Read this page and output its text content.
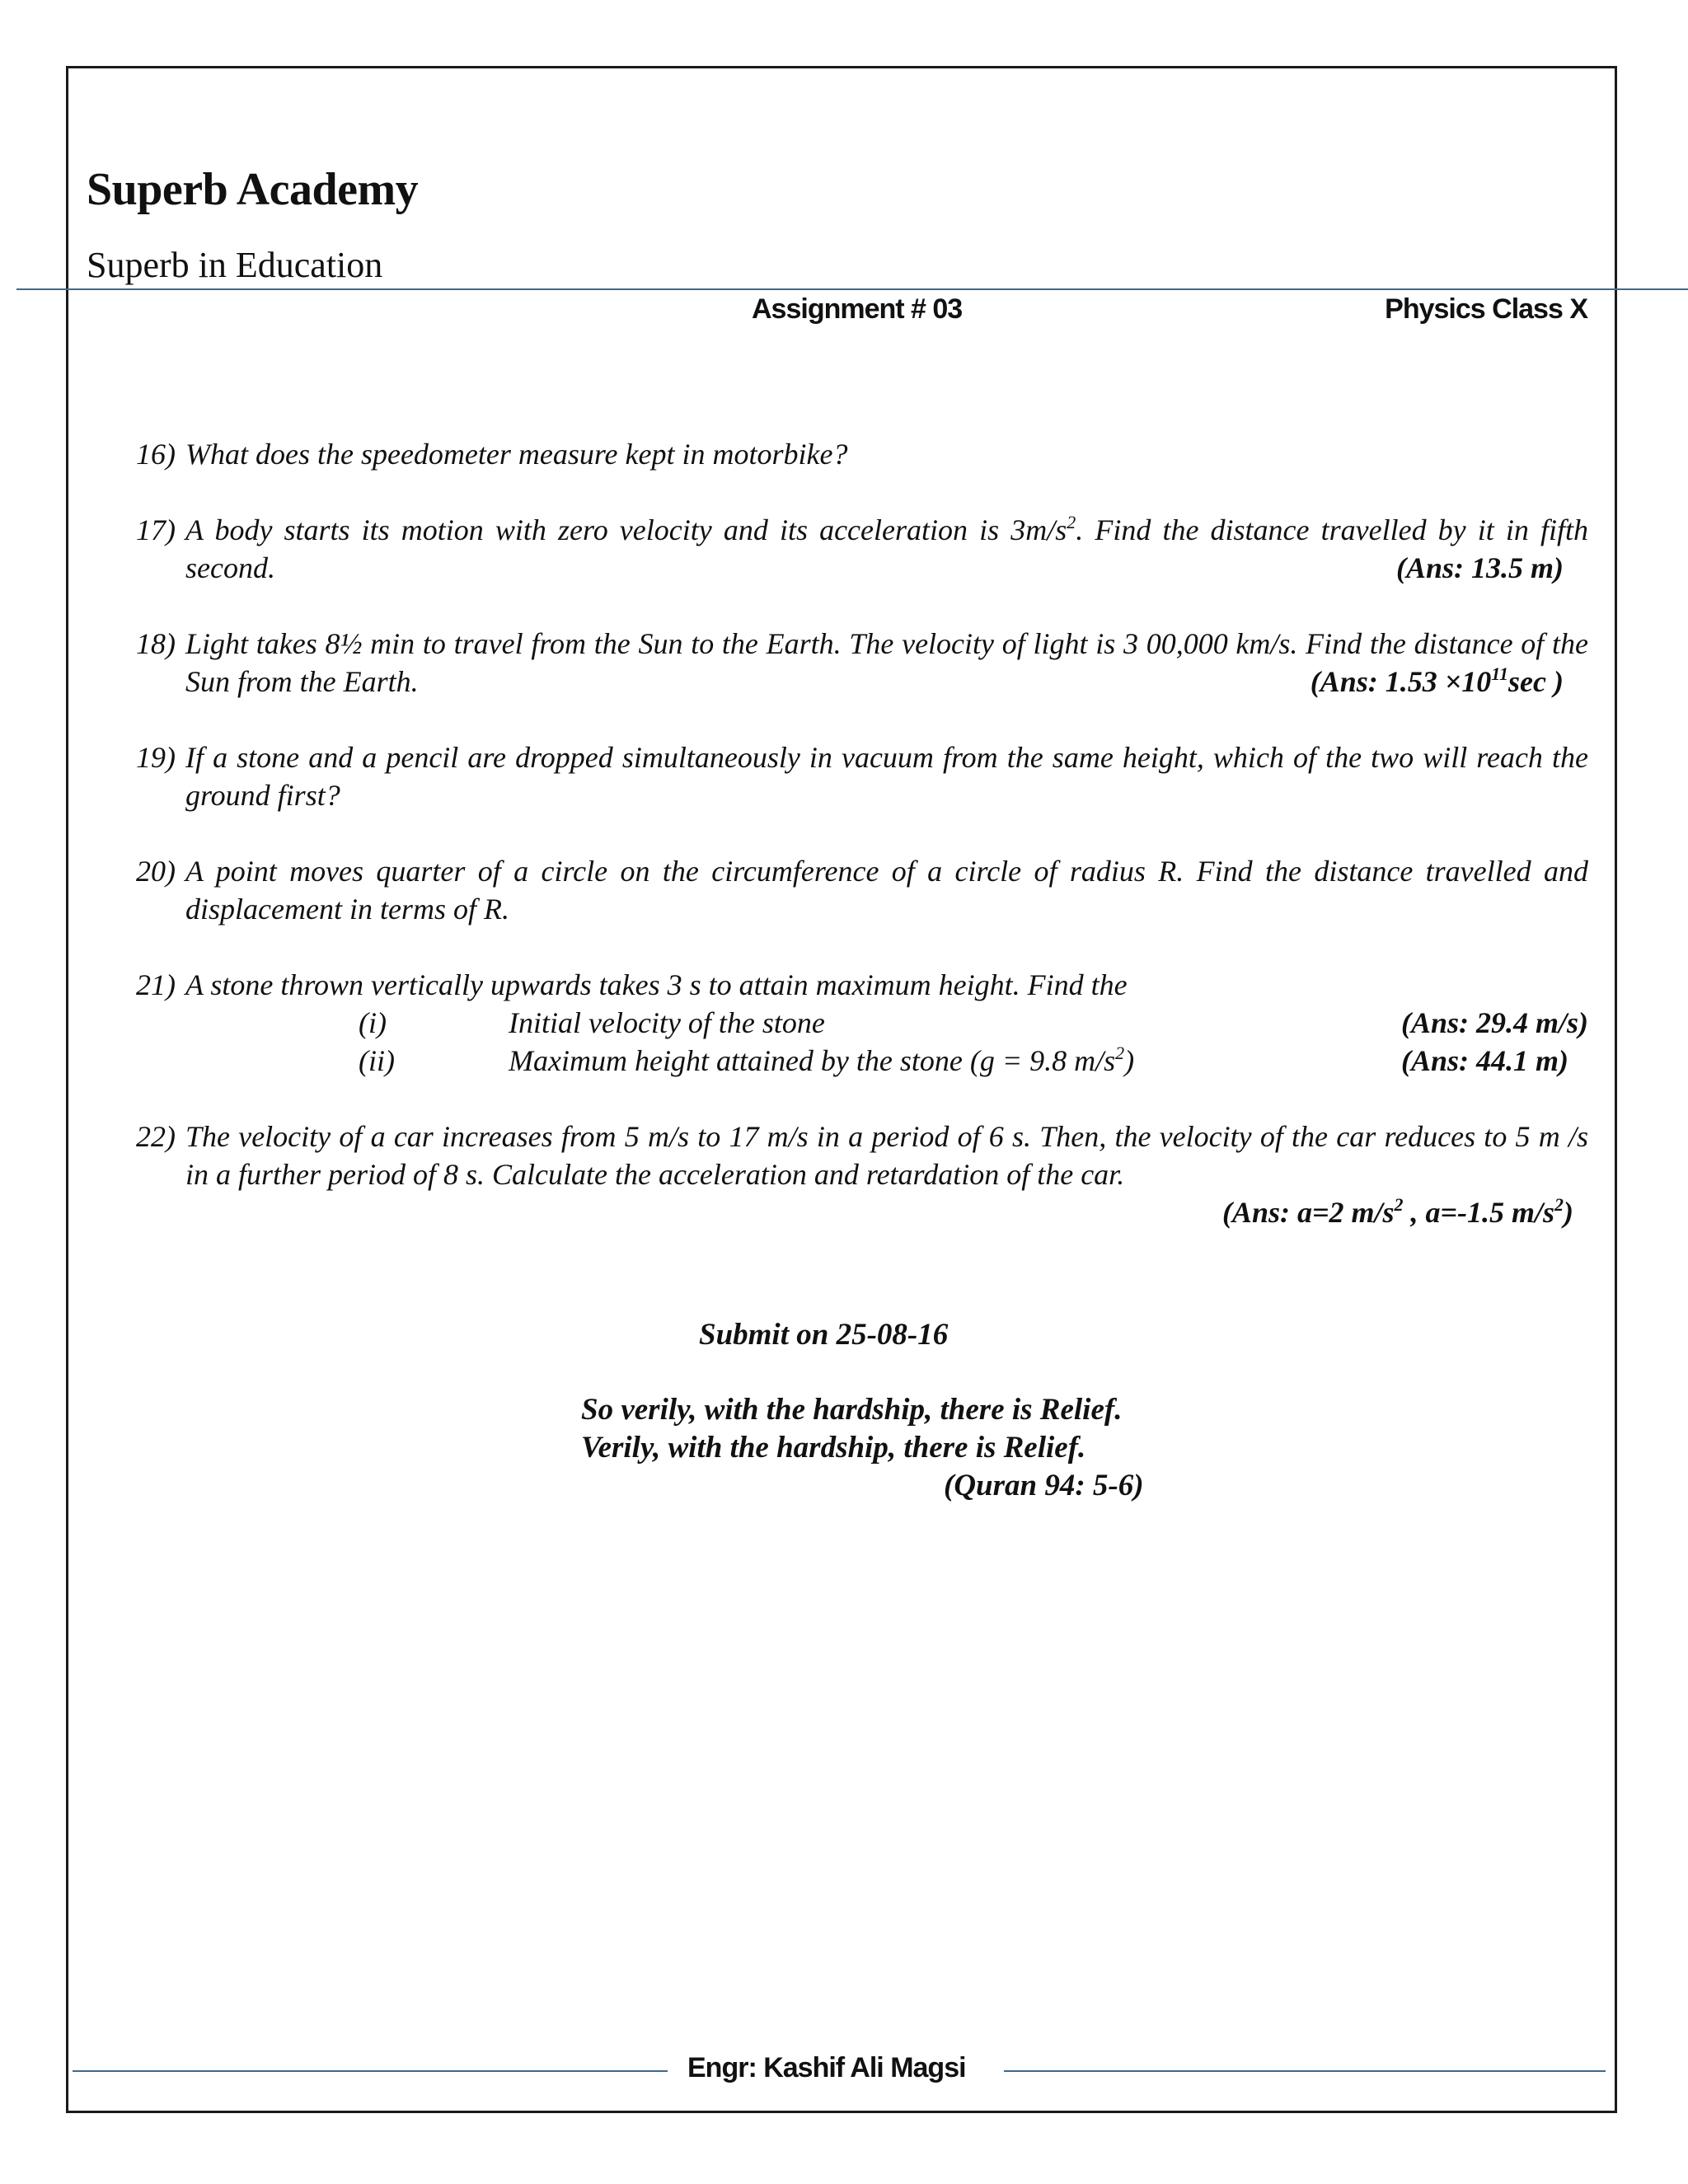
Superb Academy

Superb in Education

Assignment # 03	Physics Class X
16) What does the speedometer measure kept in motorbike?
17) A body starts its motion with zero velocity and its acceleration is $3m/s^2$. Find the distance travelled by it in fifth second.	(Ans: 13.5 m)
18) Light takes 8½ min to travel from the Sun to the Earth. The velocity of light is 3 00,000 km/s. Find the distance of the Sun from the Earth.	(Ans: $1.53 \times 10^{11}\sec$ )
19) If a stone and a pencil are dropped simultaneously in vacuum from the same height, which of the two will reach the ground first?
20) A point moves quarter of a circle on the circumference of a circle of radius R. Find the distance travelled and displacement in terms of R.
21) A stone thrown vertically upwards takes 3 s to attain maximum height. Find the
(i)	Initial velocity of the stone	(Ans: 29.4 m/s)
(ii)	Maximum height attained by the stone (g = 9.8 $m/s^2$)	(Ans: 44.1 m)
22) The velocity of a car increases from 5 m/s to 17 m/s in a period of 6 s. Then, the velocity of the car reduces to 5 m /s in a further period of 8 s. Calculate the acceleration and retardation of the car.
(Ans: a=2 $m/s^2$ , a=-1.5 $m/s^2$)
Submit on 25-08-16
So verily, with the hardship, there is Relief.
Verily, with the hardship, there is Relief.
(Quran 94: 5-6)
Engr: Kashif Ali Magsi
